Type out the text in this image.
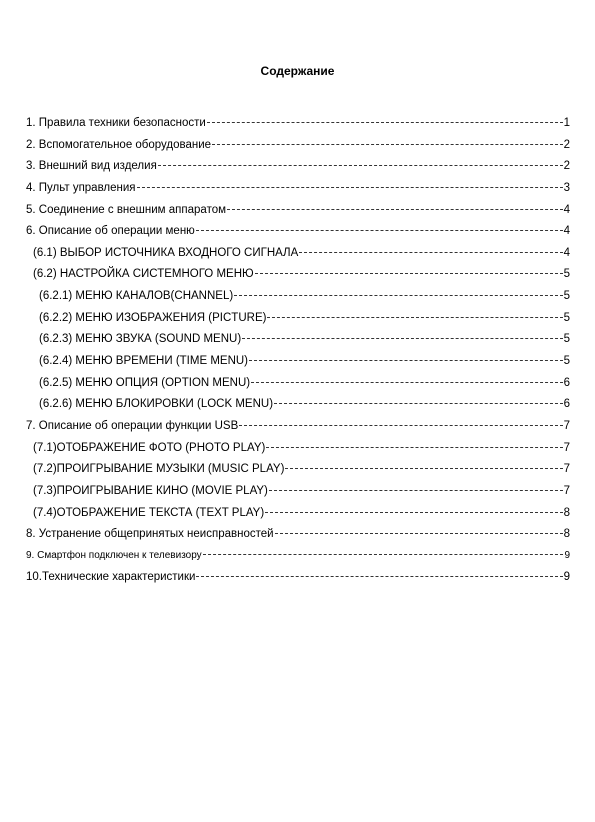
Содержание
1. Правила техники безопасности	1
2. Вспомогательное оборудование	2
3. Внешний вид изделия	2
4. Пульт управления	3
5. Соединение с внешним аппаратом	4
6. Описание об операции меню	4
(6.1) ВЫБОР ИСТОЧНИКА ВХОДНОГО СИГНАЛА	4
(6.2) НАСТРОЙКА СИСТЕМНОГО МЕНЮ	5
(6.2.1) МЕНЮ КАНАЛОВ(CHANNEL)	5
(6.2.2) МЕНЮ ИЗОБРАЖЕНИЯ (PICTURE)	5
(6.2.3) МЕНЮ ЗВУКА (SOUND MENU)	5
(6.2.4) МЕНЮ ВРЕМЕНИ (TIME MENU)	5
(6.2.5) МЕНЮ ОПЦИЯ (OPTION MENU)	6
(6.2.6) МЕНЮ БЛОКИРОВКИ (LOCK MENU)	6
7. Описание об операции функции USB	7
(7.1)ОТОБРАЖЕНИЕ ФОТО (PHOTO PLAY)	7
(7.2)ПРОИГРЫВАНИЕ МУЗЫКИ (MUSIC PLAY)	7
(7.3)ПРОИГРЫВАНИЕ КИНО (MOVIE PLAY)	7
(7.4)ОТОБРАЖЕНИЕ ТЕКСТА (TEXT PLAY)	8
8. Устранение общепринятых неисправностей	8
9. Смартфон подключен к телевизору	9
10.Технические характеристики	9
